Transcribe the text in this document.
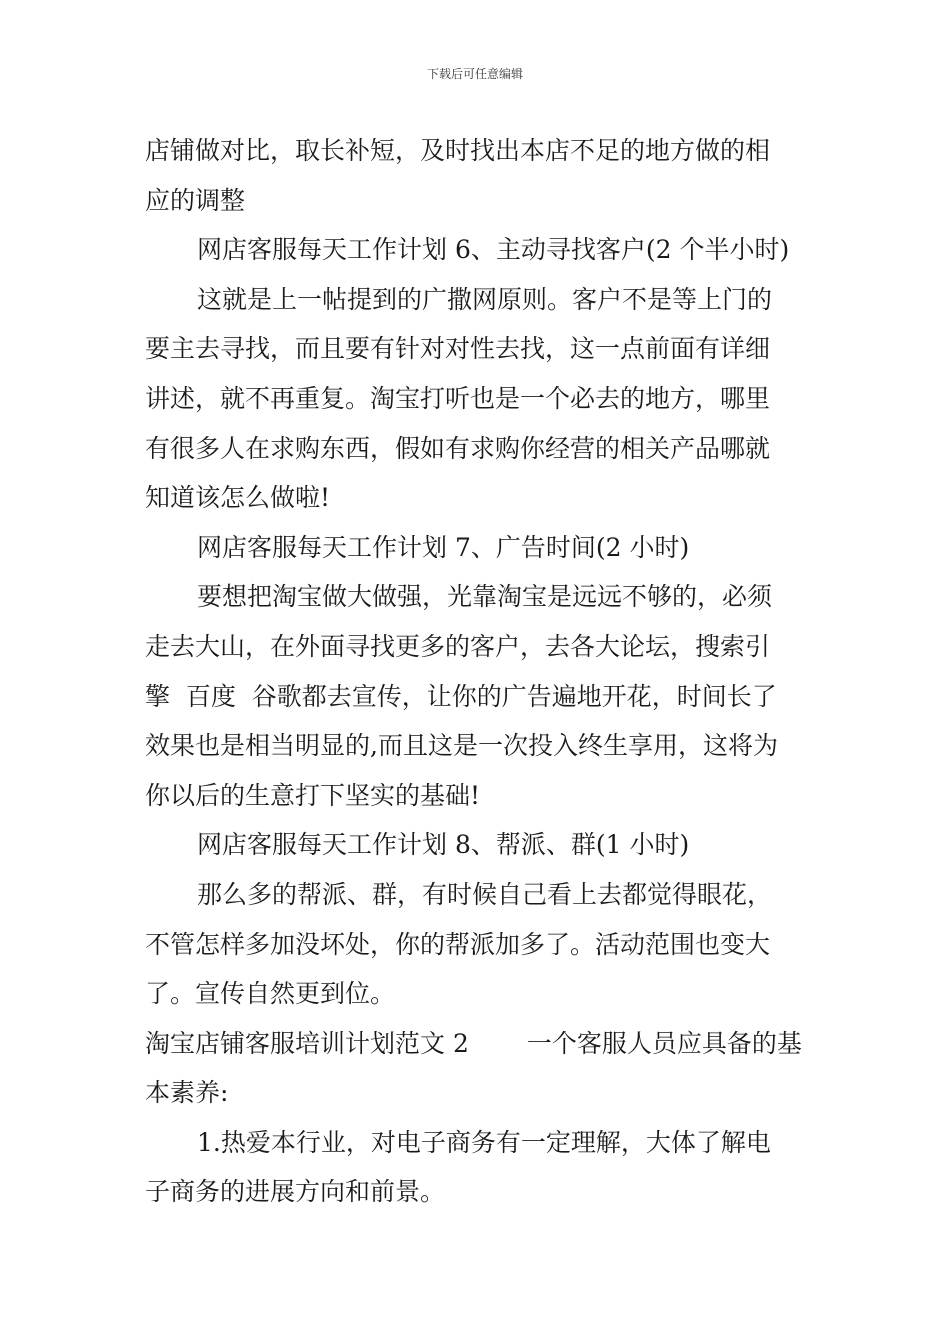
下载后可任意编辑

店铺做对比，取长补短，及时找出本店不足的地方做的相

应的调整

网店客服每天工作计划 6、主动寻找客户(2 个半小时)

这就是上一帖提到的广撒网原则。客户不是等上门的

要主去寻找，而且要有针对对性去找，这一点前面有详细

讲述，就不再重复。淘宝打听也是一个必去的地方，哪里

有很多人在求购东西，假如有求购你经营的相关产品哪就

知道该怎么做啦!

网店客服每天工作计划 7、广告时间(2 小时)

要想把淘宝做大做强，光靠淘宝是远远不够的，必须

走去大山，在外面寻找更多的客户，去各大论坛，搜索引

擎  百度  谷歌都去宣传，让你的广告遍地开花，时间长了

效果也是相当明显的,而且这是一次投入终生享用，这将为

你以后的生意打下坚实的基础!

网店客服每天工作计划 8、帮派、群(1 小时)

那么多的帮派、群，有时候自己看上去都觉得眼花，

不管怎样多加没坏处，你的帮派加多了。活动范围也变大

了。宣传自然更到位。

淘宝店铺客服培训计划范文 2 一个客服人员应具备的基

本素养:

1.热爱本行业，对电子商务有一定理解，大体了解电

子商务的进展方向和前景。
